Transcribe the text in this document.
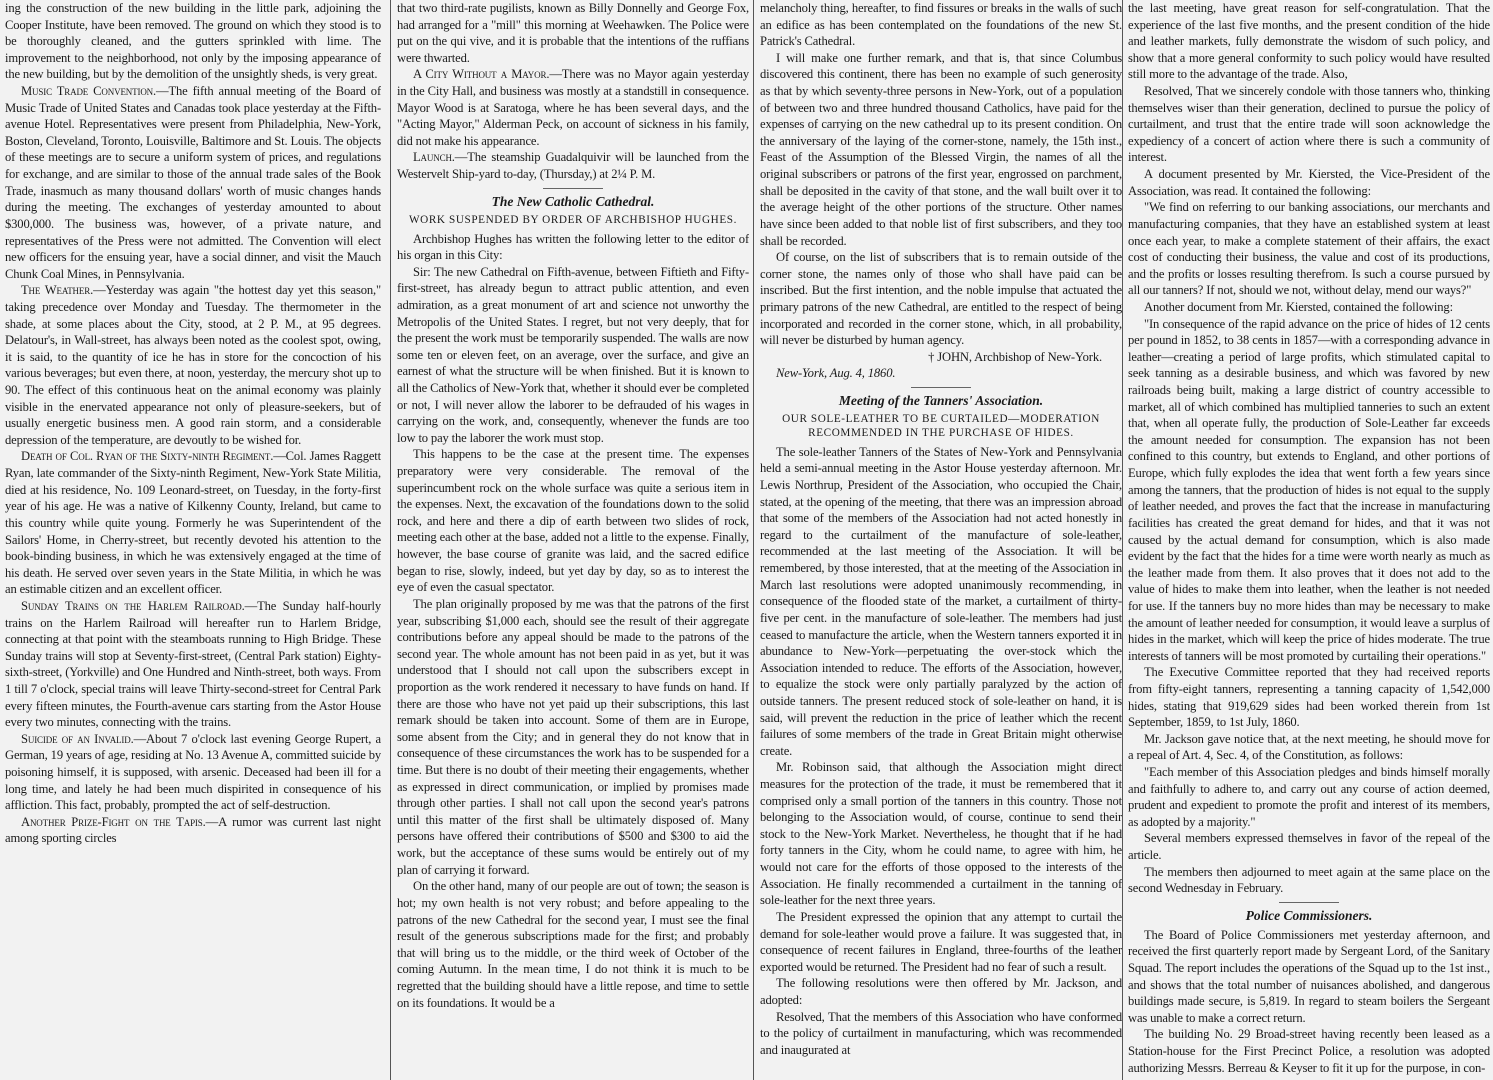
ing the construction of the new building in the little park, adjoining the Cooper Institute, have been removed. The ground on which they stood is to be thoroughly cleaned, and the gutters sprinkled with lime. The improvement to the neighborhood, not only by the imposing appearance of the new building, but by the demolition of the unsightly sheds, is very great.

Music Trade Convention.—The fifth annual meeting of the Board of Music Trade of United States and Canadas took place yesterday at the Fifth-avenue Hotel. Representatives were present from Philadelphia, New-York, Boston, Cleveland, Toronto, Louisville, Baltimore and St. Louis. The objects of these meetings are to secure a uniform system of prices, and regulations for exchange, and are similar to those of the annual trade sales of the Book Trade, inasmuch as many thousand dollars' worth of music changes hands during the meeting. The exchanges of yesterday amounted to about $300,000. The business was, however, of a private nature, and representatives of the Press were not admitted. The Convention will elect new officers for the ensuing year, have a social dinner, and visit the Mauch Chunk Coal Mines, in Pennsylvania.

The Weather.—Yesterday was again "the hottest day yet this season," taking precedence over Monday and Tuesday. The thermometer in the shade, at some places about the City, stood, at 2 P. M., at 95 degrees. Delatour's, in Wall-street, has always been noted as the coolest spot, owing, it is said, to the quantity of ice he has in store for the concoction of his various beverages; but even there, at noon, yesterday, the mercury shot up to 90. The effect of this continuous heat on the animal economy was plainly visible in the enervated appearance not only of pleasure-seekers, but of usually energetic business men. A good rain storm, and a considerable depression of the temperature, are devoutly to be wished for.

Death of Col. Ryan of the Sixty-ninth Regiment.—Col. James Raggett Ryan, late commander of the Sixty-ninth Regiment, New-York State Militia, died at his residence, No. 109 Leonard-street, on Tuesday, in the forty-first year of his age. He was a native of Kilkenny County, Ireland, but came to this country while quite young. Formerly he was Superintendent of the Sailors' Home, in Cherry-street, but recently devoted his attention to the book-binding business, in which he was extensively engaged at the time of his death. He served over seven years in the State Militia, in which he was an estimable citizen and an excellent officer.

Sunday Trains on the Harlem Railroad.—The Sunday half-hourly trains on the Harlem Railroad will hereafter run to Harlem Bridge, connecting at that point with the steamboats running to High Bridge. These Sunday trains will stop at Seventy-first-street, (Central Park station) Eighty-sixth-street, (Yorkville) and One Hundred and Ninth-street, both ways. From 1 till 7 o'clock, special trains will leave Thirty-second-street for Central Park every fifteen minutes, the Fourth-avenue cars starting from the Astor House every two minutes, connecting with the trains.

Suicide of an Invalid.—About 7 o'clock last evening George Rupert, a German, 19 years of age, residing at No. 13 Avenue A, committed suicide by poisoning himself, it is supposed, with arsenic. Deceased had been ill for a long time, and lately he had been much dispirited in consequence of his affliction. This fact, probably, prompted the act of self-destruction.

Another Prize-Fight on the Tapis.—A rumor was current last night among sporting circles

that two third-rate pugilists, known as Billy Donnelly and George Fox, had arranged for a "mill" this morning at Weehawken. The Police were put on the qui vive, and it is probable that the intentions of the ruffians were thwarted.

A City Without a Mayor.—There was no Mayor again yesterday in the City Hall, and business was mostly at a standstill in consequence. Mayor Wood is at Saratoga, where he has been several days, and the "Acting Mayor," Alderman Peck, on account of sickness in his family, did not make his appearance.

Launch.—The steamship Guadalquivir will be launched from the Westervelt Ship-yard to-day, (Thursday,) at 2¼ P. M.

The New Catholic Cathedral.
WORK SUSPENDED BY ORDER OF ARCHBISHOP HUGHES.

Archbishop Hughes has written the following letter to the editor of his organ in this City:

Sir: The new Cathedral on Fifth-avenue, between Fiftieth and Fifty-first-street, has already begun to attract public attention, and even admiration, as a great monument of art and science not unworthy the Metropolis of the United States. I regret, but not very deeply, that for the present the work must be temporarily suspended. The walls are now some ten or eleven feet, on an average, over the surface, and give an earnest of what the structure will be when finished. But it is known to all the Catholics of New-York that, whether it should ever be completed or not, I will never allow the laborer to be defrauded of his wages in carrying on the work, and, consequently, whenever the funds are too low to pay the laborer the work must stop.

This happens to be the case at the present time. The expenses preparatory were very considerable. The removal of the superincumbent rock on the whole surface was quite a serious item in the expenses. Next, the excavation of the foundations down to the solid rock, and here and there a dip of earth between two slides of rock, meeting each other at the base, added not a little to the expense. Finally, however, the base course of granite was laid, and the sacred edifice began to rise, slowly, indeed, but yet day by day, so as to interest the eye of even the casual spectator.

The plan originally proposed by me was that the patrons of the first year, subscribing $1,000 each, should see the result of their aggregate contributions before any appeal should be made to the patrons of the second year. The whole amount has not been paid in as yet, but it was understood that I should not call upon the subscribers except in proportion as the work rendered it necessary to have funds on hand. If there are those who have not yet paid up their subscriptions, this last remark should be taken into account. Some of them are in Europe, some absent from the City; and in general they do not know that in consequence of these circumstances the work has to be suspended for a time. But there is no doubt of their meeting their engagements, whether as expressed in direct communication, or implied by promises made through other parties. I shall not call upon the second year's patrons until this matter of the first shall be ultimately disposed of. Many persons have offered their contributions of $500 and $300 to aid the work, but the acceptance of these sums would be entirely out of my plan of carrying it forward.

On the other hand, many of our people are out of town; the season is hot; my own health is not very robust; and before appealing to the patrons of the new Cathedral for the second year, I must see the final result of the generous subscriptions made for the first; and probably that will bring us to the middle, or the third week of October of the coming Autumn. In the mean time, I do not think it is much to be regretted that the building should have a little repose, and time to settle on its foundations. It would be a

melancholy thing, hereafter, to find fissures or breaks in the walls of such an edifice as has been contemplated on the foundations of the new St. Patrick's Cathedral.

I will make one further remark, and that is, that since Columbus discovered this continent, there has been no example of such generosity as that by which seventy-three persons in New-York, out of a population of between two and three hundred thousand Catholics, have paid for the expenses of carrying on the new cathedral up to its present condition. On the anniversary of the laying of the corner-stone, namely, the 15th inst., Feast of the Assumption of the Blessed Virgin, the names of all the original subscribers or patrons of the first year, engrossed on parchment, shall be deposited in the cavity of that stone, and the wall built over it to the average height of the other portions of the structure. Other names have since been added to that noble list of first subscribers, and they too shall be recorded.

Of course, on the list of subscribers that is to remain outside of the corner stone, the names only of those who shall have paid can be inscribed. But the first intention, and the noble impulse that actuated the primary patrons of the new Cathedral, are entitled to the respect of being incorporated and recorded in the corner stone, which, in all probability, will never be disturbed by human agency.

† JOHN, Archbishop of New-York.

New-York, Aug. 4, 1860.

Meeting of the Tanners' Association.
OUR SOLE-LEATHER TO BE CURTAILED—MODERATION RECOMMENDED IN THE PURCHASE OF HIDES.

The sole-leather Tanners of the States of New-York and Pennsylvania held a semi-annual meeting in the Astor House yesterday afternoon. Mr. Lewis Northrup, President of the Association, who occupied the Chair, stated, at the opening of the meeting, that there was an impression abroad that some of the members of the Association had not acted honestly in regard to the curtailment of the manufacture of sole-leather, recommended at the last meeting of the Association. It will be remembered, by those interested, that at the meeting of the Association in March last resolutions were adopted unanimously recommending, in consequence of the flooded state of the market, a curtailment of thirty-five per cent. in the manufacture of sole-leather. The members had just ceased to manufacture the article, when the Western tanners exported it in abundance to New-York—perpetuating the over-stock which the Association intended to reduce. The efforts of the Association, however, to equalize the stock were only partially paralyzed by the action of outside tanners. The present reduced stock of sole-leather on hand, it is said, will prevent the reduction in the price of leather which the recent failures of some members of the trade in Great Britain might otherwise create.

Mr. Robinson said, that although the Association might direct measures for the protection of the trade, it must be remembered that it comprised only a small portion of the tanners in this country. Those not belonging to the Association would, of course, continue to send their stock to the New-York Market. Nevertheless, he thought that if he had forty tanners in the City, whom he could name, to agree with him, he would not care for the efforts of those opposed to the interests of the Association. He finally recommended a curtailment in the tanning of sole-leather for the next three years.

The President expressed the opinion that any attempt to curtail the demand for sole-leather would prove a failure. It was suggested that, in consequence of recent failures in England, three-fourths of the leather exported would be returned. The President had no fear of such a result.

The following resolutions were then offered by Mr. Jackson, and adopted:

Resolved, That the members of this Association who have conformed to the policy of curtailment in manufacturing, which was recommended and inaugurated at

the last meeting, have great reason for self-congratulation. That the experience of the last five months, and the present condition of the hide and leather markets, fully demonstrate the wisdom of such policy, and show that a more general conformity to such policy would have resulted still more to the advantage of the trade. Also,

Resolved, That we sincerely condole with those tanners who, thinking themselves wiser than their generation, declined to pursue the policy of curtailment, and trust that the entire trade will soon acknowledge the expediency of a concert of action where there is such a community of interest.

A document presented by Mr. Kiersted, the Vice-President of the Association, was read. It contained the following:

"We find on referring to our banking associations, our merchants and manufacturing companies, that they have an established system at least once each year, to make a complete statement of their affairs, the exact cost of conducting their business, the value and cost of its productions, and the profits or losses resulting therefrom. Is such a course pursued by all our tanners? If not, should we not, without delay, mend our ways?"

Another document from Mr. Kiersted, contained the following:

"In consequence of the rapid advance on the price of hides of 12 cents per pound in 1852, to 38 cents in 1857—with a corresponding advance in leather—creating a period of large profits, which stimulated capital to seek tanning as a desirable business, and which was favored by new railroads being built, making a large district of country accessible to market, all of which combined has multiplied tanneries to such an extent that, when all operate fully, the production of Sole-Leather far exceeds the amount needed for consumption. The expansion has not been confined to this country, but extends to England, and other portions of Europe, which fully explodes the idea that went forth a few years since among the tanners, that the production of hides is not equal to the supply of leather needed, and proves the fact that the increase in manufacturing facilities has created the great demand for hides, and that it was not caused by the actual demand for consumption, which is also made evident by the fact that the hides for a time were worth nearly as much as the leather made from them. It also proves that it does not add to the value of hides to make them into leather, when the leather is not needed for use. If the tanners buy no more hides than may be necessary to make the amount of leather needed for consumption, it would leave a surplus of hides in the market, which will keep the price of hides moderate. The true interests of tanners will be most promoted by curtailing their operations."

The Executive Committee reported that they had received reports from fifty-eight tanners, representing a tanning capacity of 1,542,000 hides, stating that 919,629 sides had been worked therein from 1st September, 1859, to 1st July, 1860.

Mr. Jackson gave notice that, at the next meeting, he should move for a repeal of Art. 4, Sec. 4, of the Constitution, as follows:

"Each member of this Association pledges and binds himself morally and faithfully to adhere to, and carry out any course of action deemed, prudent and expedient to promote the profit and interest of its members, as adopted by a majority."

Several members expressed themselves in favor of the repeal of the article.

The members then adjourned to meet again at the same place on the second Wednesday in February.

Police Commissioners.

The Board of Police Commissioners met yesterday afternoon, and received the first quarterly report made by Sergeant Lord, of the Sanitary Squad. The report includes the operations of the Squad up to the 1st inst., and shows that the total number of nuisances abolished, and dangerous buildings made secure, is 5,819. In regard to steam boilers the Sergeant was unable to make a correct return.

The building No. 29 Broad-street having recently been leased as a Station-house for the First Precinct Police, a resolution was adopted authorizing Messrs. Berreau & Keyser to fit it up for the purpose, in con-
